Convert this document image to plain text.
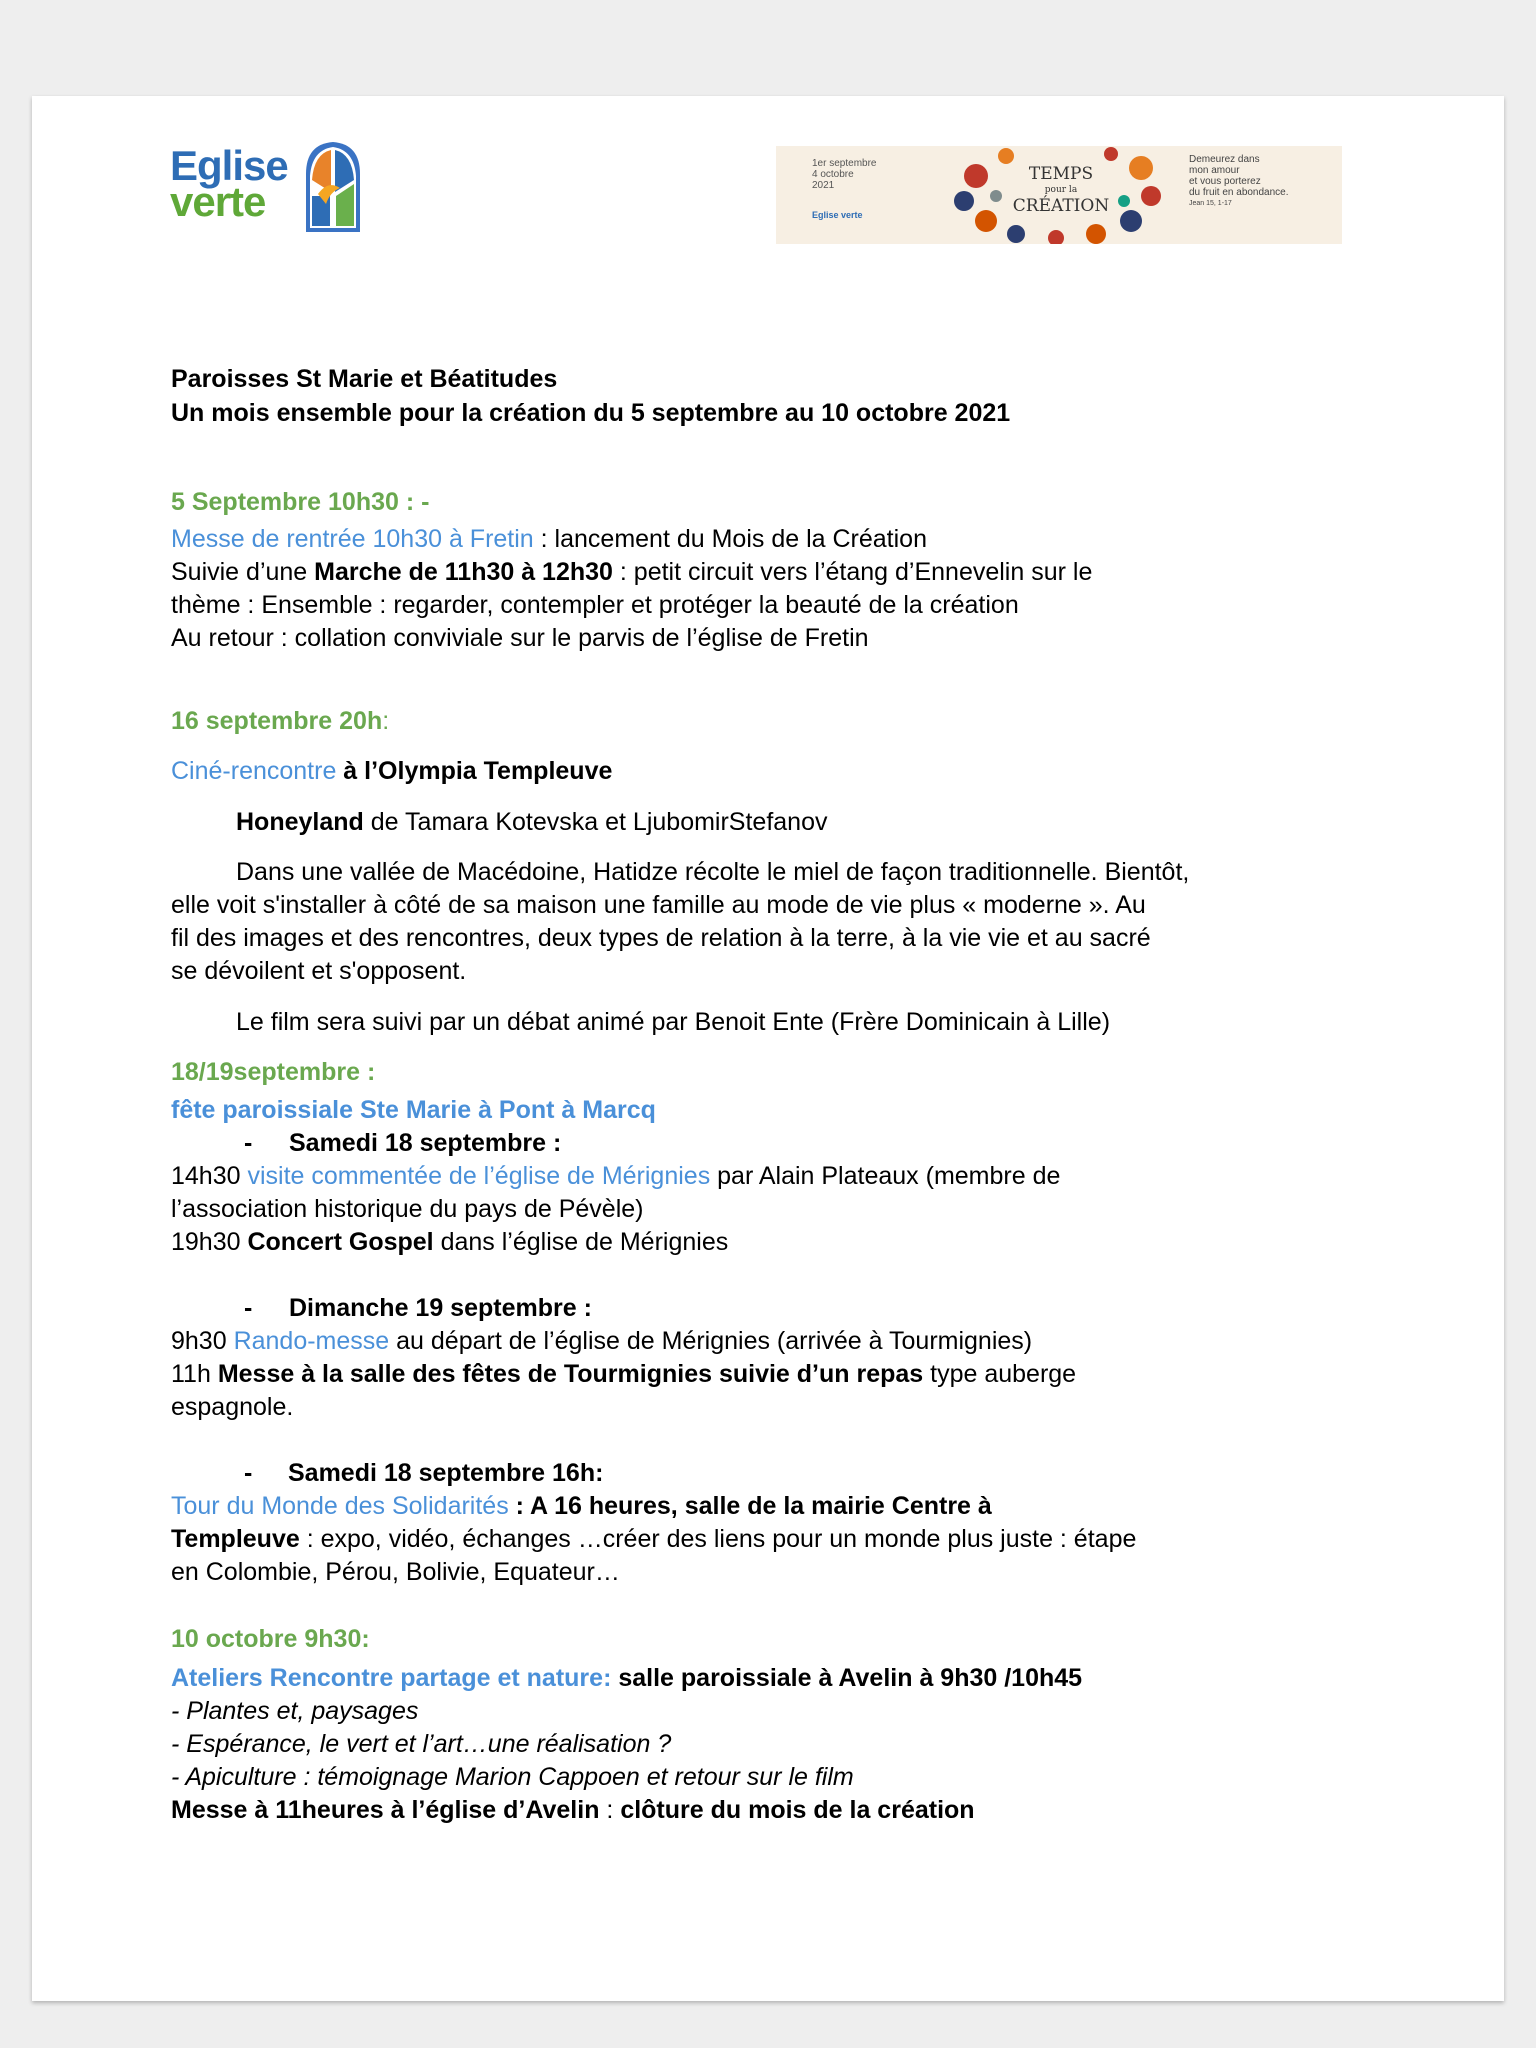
Eglise
verte
1er septembre
4 octobre
2021
Eglise verte
TEMPS
pour la
CRÉATION
Demeurez dans
mon amour
et vous porterez
du fruit en abondance.
Jean 15, 1-17
Paroisses St Marie et Béatitudes
Un mois ensemble pour la création du 5 septembre au 10 octobre 2021
5 Septembre 10h30 : -
Messe de rentrée 10h30 à Fretin : lancement du Mois de la Création
Suivie d’une Marche de 11h30 à 12h30 : petit circuit vers l’étang d’Ennevelin sur le
thème : Ensemble : regarder, contempler et protéger la beauté de la création
Au retour : collation conviviale sur le parvis de l’église de Fretin
16 septembre 20h:
Ciné-rencontre à l’Olympia Templeuve
Honeyland de Tamara Kotevska et LjubomirStefanov
Dans une vallée de Macédoine, Hatidze récolte le miel de façon traditionnelle. Bientôt,
elle voit s'installer à côté de sa maison une famille au mode de vie plus « moderne ». Au
fil des images et des rencontres, deux types de relation à la terre, à la vie vie et au sacré
se dévoilent et s'opposent.
Le film sera suivi par un débat animé par Benoit Ente (Frère Dominicain à Lille)
18/19septembre :
fête paroissiale Ste Marie à Pont à Marcq
- Samedi 18 septembre :
14h30 visite commentée de l’église de Mérignies par Alain Plateaux (membre de
l’association historique du pays de Pévèle)
19h30 Concert Gospel dans l’église de Mérignies
- Dimanche 19 septembre :
9h30 Rando-messe au départ de l’église de Mérignies (arrivée à Tourmignies)
11h Messe à la salle des fêtes de Tourmignies suivie d’un repas type auberge
espagnole.
- Samedi 18 septembre 16h:
Tour du Monde des Solidarités : A 16 heures, salle de la mairie Centre à
Templeuve : expo, vidéo, échanges …créer des liens pour un monde plus juste : étape
en Colombie, Pérou, Bolivie, Equateur…
10 octobre 9h30:
Ateliers Rencontre partage et nature: salle paroissiale à Avelin à 9h30 /10h45
- Plantes et, paysages
- Espérance, le vert et l’art…une réalisation ?
- Apiculture : témoignage Marion Cappoen et retour sur le film
Messe à 11heures à l’église d’Avelin : clôture du mois de la création
